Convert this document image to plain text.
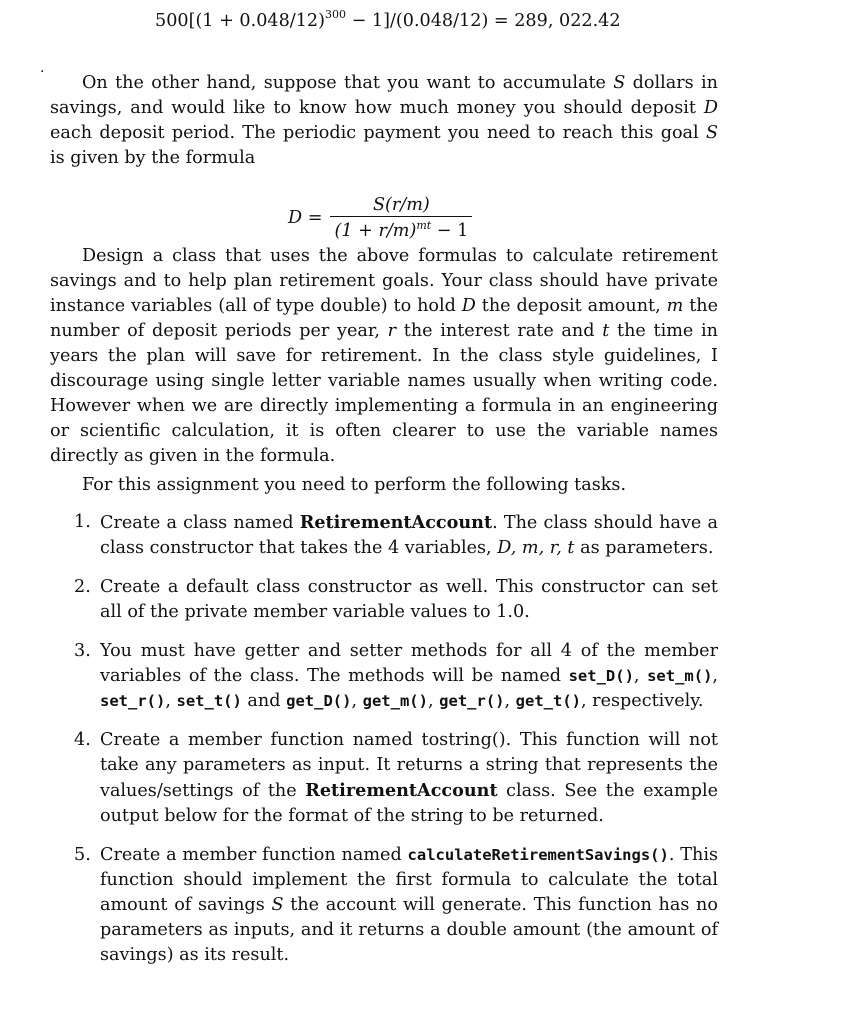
$500[(1 + 0.048/12)^{300} - 1]/(0.048/12) = 289$, 022.42
.

On the other hand, suppose that you want to accumulate S dollars in savings, and would like to know how much money you should deposit D each deposit period. The periodic payment you need to reach this goal S is given by the formula

$D = \frac{S(r/m)}{(1 + r/m)^{mt} - 1}$

Design a class that uses the above formulas to calculate retirement savings and to help plan retirement goals. Your class should have private instance variables (all of type double) to hold D the deposit amount, m the number of deposit periods per year, r the interest rate and t the time in years the plan will save for retirement. In the class style guidelines, I discourage using single letter variable names usually when writing code. However when we are directly implementing a formula in an engineering or scientific calculation, it is often clearer to use the variable names directly as given in the formula.

For this assignment you need to perform the following tasks.

1. Create a class named RetirementAccount. The class should have a class constructor that takes the 4 variables, D, m, r, t as parameters.
2. Create a default class constructor as well. This constructor can set all of the private member variable values to 1.0.
3. You must have getter and setter methods for all 4 of the member variables of the class. The methods will be named set_D(), set_m(), set_r(), set_t() and get_D(), get_m(), get_r(), get_t(), respectively.
4. Create a member function named tostring(). This function will not take any parameters as input. It returns a string that represents the values/settings of the RetirementAccount class. See the example output below for the format of the string to be returned.
5. Create a member function named calculateRetirementSavings(). This function should implement the first formula to calculate the total amount of savings S the account will generate. This function has no parameters as inputs, and it returns a double amount (the amount of savings) as its result.
